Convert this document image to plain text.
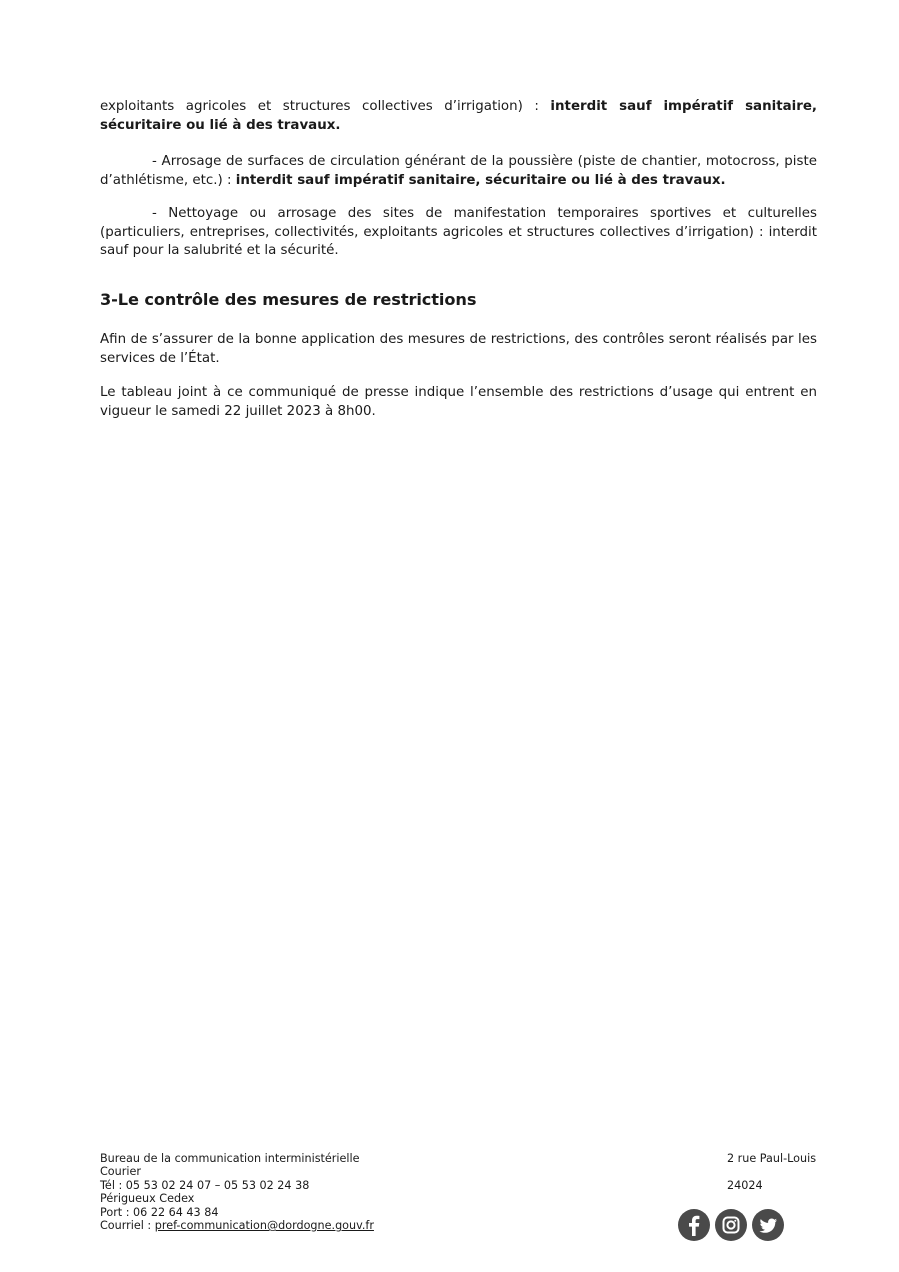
exploitants agricoles et structures collectives d’irrigation) : interdit sauf impératif sanitaire, sécuritaire ou lié à des travaux.

- Arrosage de surfaces de circulation générant de la poussière (piste de chantier, motocross, piste d’athlétisme, etc.) : interdit sauf impératif sanitaire, sécuritaire ou lié à des travaux.

- Nettoyage ou arrosage des sites de manifestation temporaires sportives et culturelles (particuliers, entreprises, collectivités, exploitants agricoles et structures collectives d’irrigation) : interdit sauf pour la salubrité et la sécurité.

3-Le contrôle des mesures de restrictions

Afin de s’assurer de la bonne application des mesures de restrictions, des contrôles seront réalisés par les services de l’État.

Le tableau joint à ce communiqué de presse indique l’ensemble des restrictions d’usage qui entrent en vigueur le samedi 22 juillet 2023 à 8h00.

Bureau de la communication interministérielle
Courier
Tél : 05 53 02 24 07 – 05 53 02 24 38
Périgueux Cedex
Port : 06 22 64 43 84
Courriel : pref-communication@dordogne.gouv.fr
2 rue Paul-Louis
24024
